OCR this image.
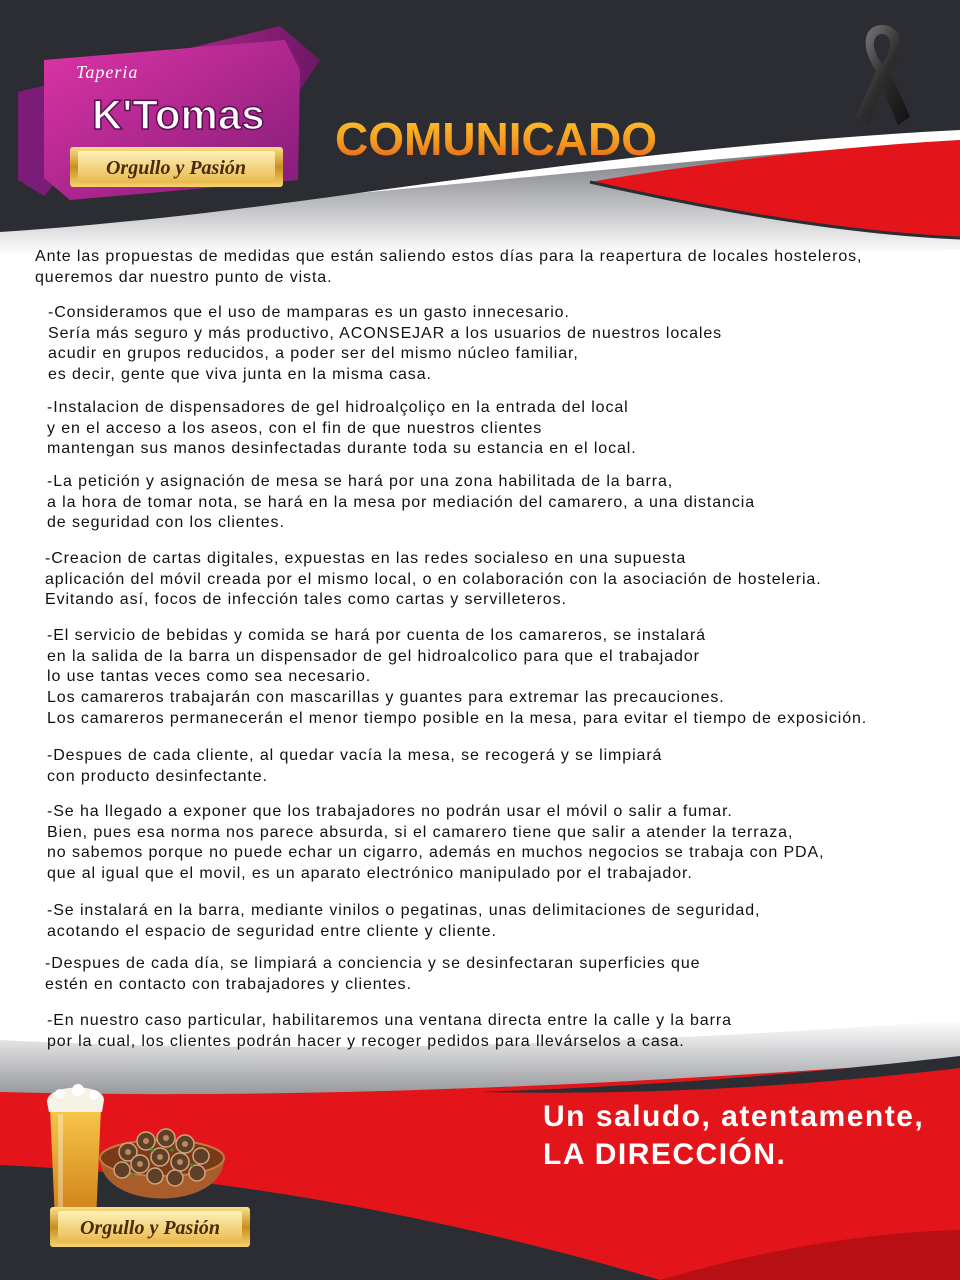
Taperia
K'Tomas
Orgullo y Pasión
Orgullo y Pasión
COMUNICADO
Ante las propuestas de medidas que están saliendo estos días para la reapertura de locales hosteleros,
queremos dar nuestro punto de vista.
-Consideramos que el uso de mamparas es un gasto innecesario.
Sería más seguro y más productivo, ACONSEJAR a los usuarios de nuestros locales
acudir en grupos reducidos, a poder ser del mismo núcleo familiar,
es decir, gente que viva junta en la misma casa.
-Instalacion de dispensadores de gel hidroalçoliço en la entrada del local
y en el acceso a los aseos, con el fin de que nuestros clientes
mantengan sus manos desinfectadas durante toda su estancia en el local.
-La petición y asignación de mesa se hará por una zona habilitada de la barra,
a la hora de tomar nota, se hará en la mesa por mediación del camarero, a una distancia
de seguridad con los clientes.
-Creacion de cartas digitales, expuestas en las redes socialeso en una supuesta
aplicación del móvil creada por el mismo local, o en colaboración con la asociación de hosteleria.
Evitando así, focos de infección tales como cartas y servilleteros.
-El servicio de bebidas y comida se hará por cuenta de los camareros, se instalará
en la salida de la barra un dispensador de gel hidroalcolico para que el trabajador
lo use tantas veces como sea necesario.
Los camareros trabajarán con mascarillas y guantes para extremar las precauciones.
Los camareros permanecerán el menor tiempo posible en la mesa, para evitar el tiempo de exposición.
-Despues de cada cliente, al quedar vacía la mesa, se recogerá y se limpiará
con producto desinfectante.
-Se ha llegado a exponer que los trabajadores no podrán usar el móvil o salir a fumar.
Bien, pues esa norma nos parece absurda, si el camarero tiene que salir a atender la terraza,
no sabemos porque no puede echar un cigarro, además en muchos negocios se trabaja con PDA,
que al igual que el movil, es un aparato electrónico manipulado por el trabajador.
-Se instalará en la barra, mediante vinilos o pegatinas, unas delimitaciones de seguridad,
acotando el espacio de seguridad entre cliente y cliente.
-Despues de cada día, se limpiará a conciencia y se desinfectaran superficies que
estén en contacto con trabajadores y clientes.
-En nuestro caso particular, habilitaremos una ventana directa entre la calle y la barra
por la cual, los clientes podrán hacer y recoger pedidos para llevárselos a casa.
Un saludo, atentamente,
LA DIRECCIÓN.
